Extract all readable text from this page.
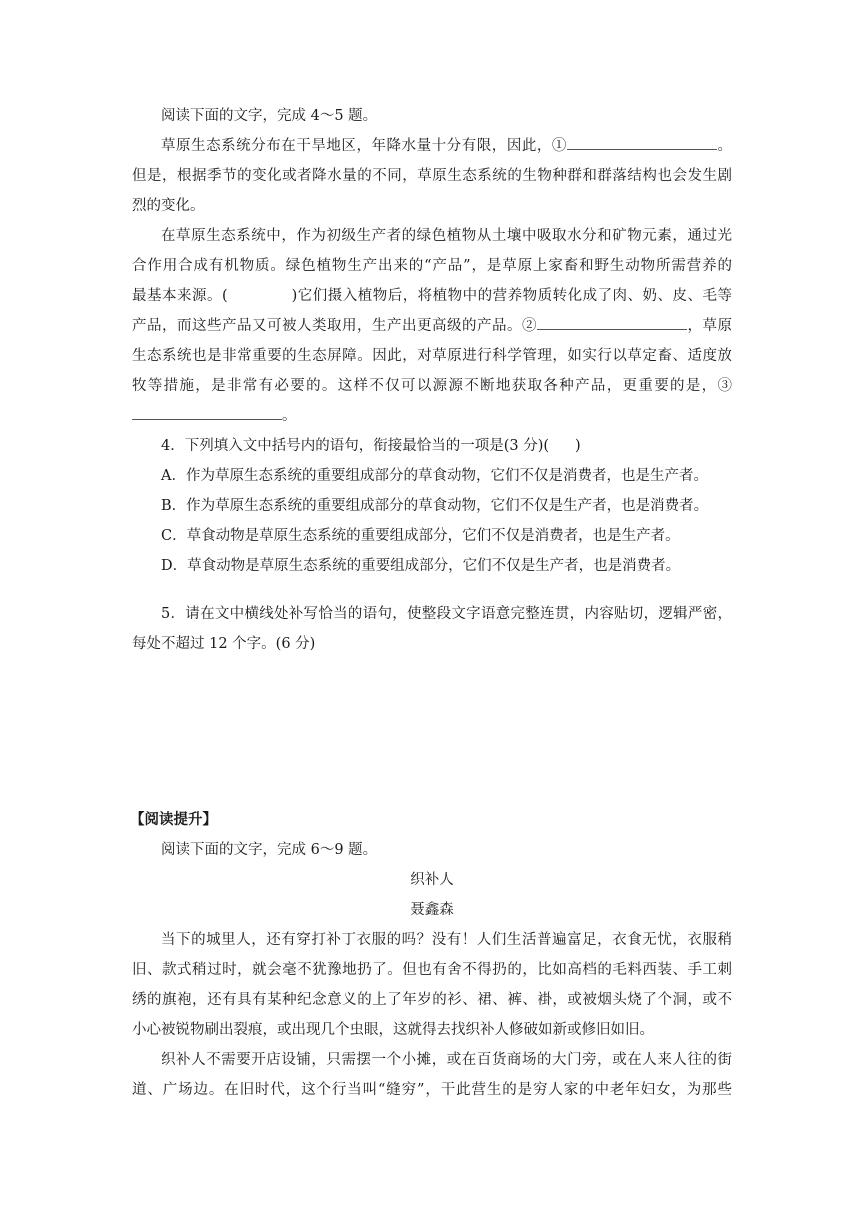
阅读下面的文字，完成 4～5 题。
草原生态系统分布在干旱地区，年降水量十分有限，因此，①	。
但是，根据季节的变化或者降水量的不同，草原生态系统的生物种群和群落结构也会发生剧
烈的变化。
在草原生态系统中，作为初级生产者的绿色植物从土壤中吸取水分和矿物元素，通过光
合作用合成有机物质。绿色植物生产出来的“产品”，是草原上家畜和野生动物所需营养的
最基本来源。(	)它们摄入植物后，将植物中的营养物质转化成了肉、奶、皮、毛等
产品，而这些产品又可被人类取用，生产出更高级的产品。②	，草原
生态系统也是非常重要的生态屏障。因此，对草原进行科学管理，如实行以草定畜、适度放
牧等措施，是非常有必要的。这样不仅可以源源不断地获取各种产品，更重要的是，③
。
4．下列填入文中括号内的语句，衔接最恰当的一项是(3 分)( )
A．作为草原生态系统的重要组成部分的草食动物，它们不仅是消费者，也是生产者。
B．作为草原生态系统的重要组成部分的草食动物，它们不仅是生产者，也是消费者。
C．草食动物是草原生态系统的重要组成部分，它们不仅是消费者，也是生产者。
D．草食动物是草原生态系统的重要组成部分，它们不仅是生产者，也是消费者。
5．请在文中横线处补写恰当的语句，使整段文字语意完整连贯，内容贴切，逻辑严密，
每处不超过 12 个字。(6 分)
【阅读提升】
阅读下面的文字，完成 6～9 题。
织补人
聂鑫森
当下的城里人，还有穿打补丁衣服的吗？没有！人们生活普遍富足，衣食无忧，衣服稍
旧、款式稍过时，就会毫不犹豫地扔了。但也有舍不得扔的，比如高档的毛料西装、手工刺
绣的旗袍，还有具有某种纪念意义的上了年岁的衫、裙、裤、褂，或被烟头烧了个洞，或不
小心被锐物刷出裂痕，或出现几个虫眼，这就得去找织补人修破如新或修旧如旧。
织补人不需要开店设铺，只需摆一个小摊，或在百货商场的大门旁，或在人来人往的街
道、广场边。在旧时代，这个行当叫“缝穷”，干此营生的是穷人家的中老年妇女，为那些
